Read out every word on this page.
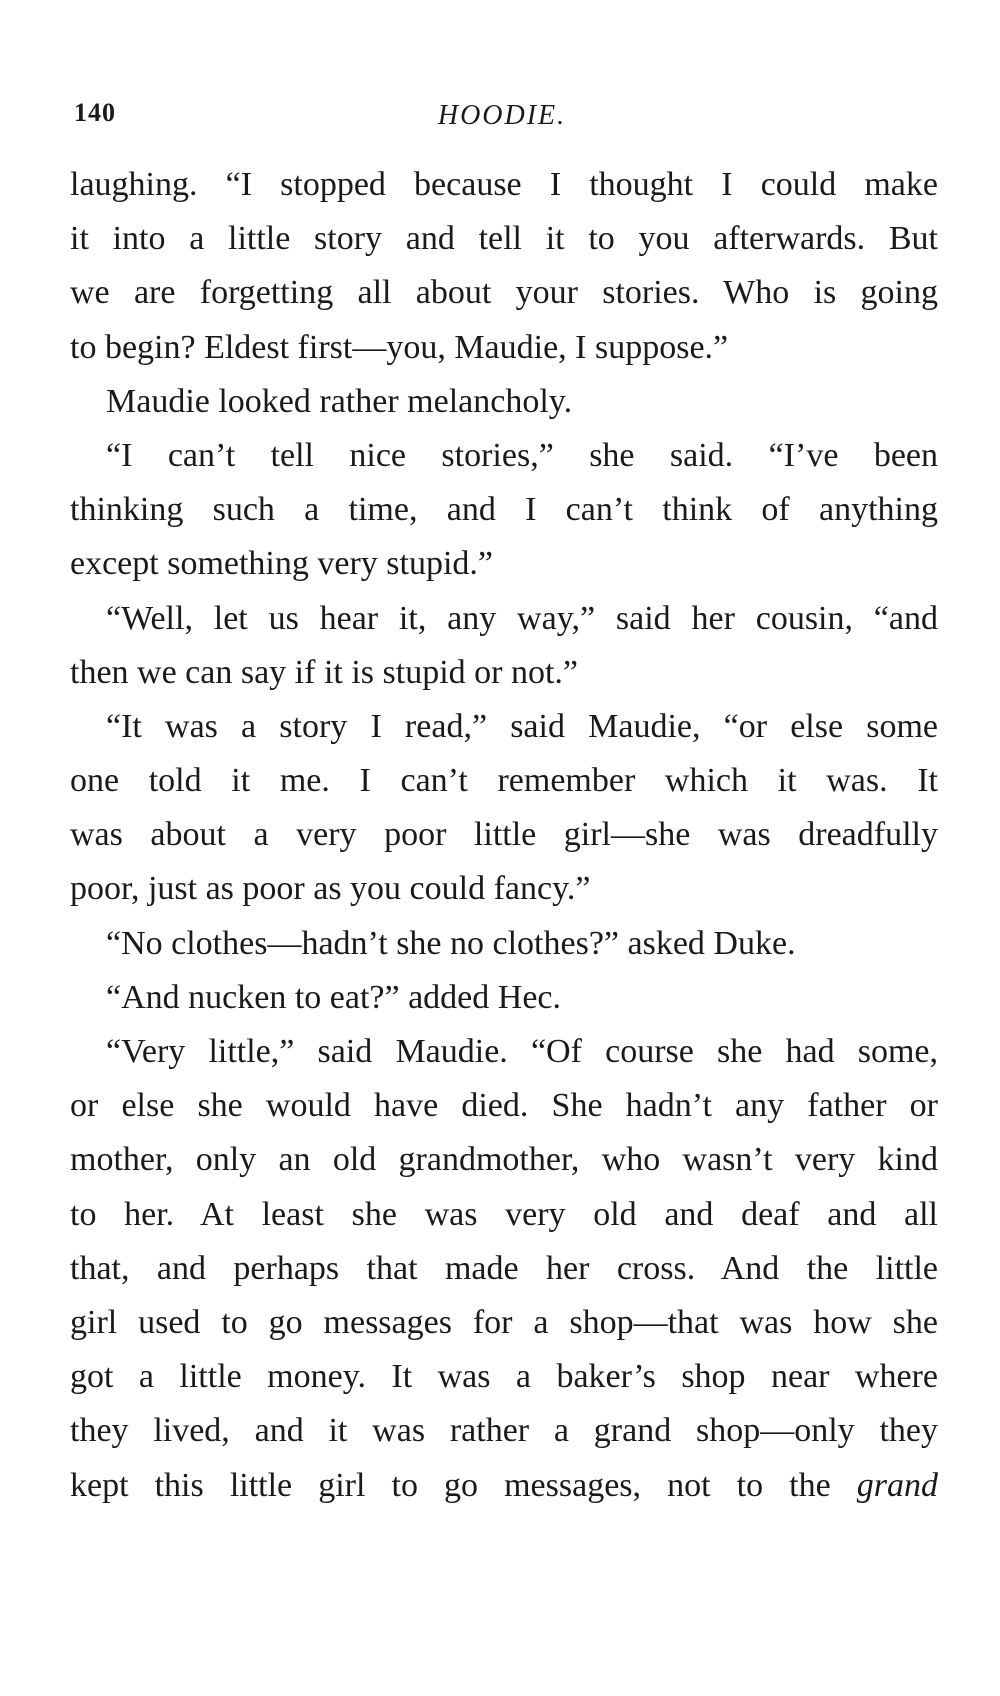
140	HOODIE.
laughing. “I stopped because I thought I could make
it into a little story and tell it to you afterwards. But
we are forgetting all about your stories. Who is going
to begin? Eldest first—you, Maudie, I suppose.”
Maudie looked rather melancholy.
“I can’t tell nice stories,” she said. “I’ve been
thinking such a time, and I can’t think of anything
except something very stupid.”
“Well, let us hear it, any way,” said her cousin, “and
then we can say if it is stupid or not.”
“It was a story I read,” said Maudie, “or else some
one told it me. I can’t remember which it was. It
was about a very poor little girl—she was dreadfully
poor, just as poor as you could fancy.”
“No clothes—hadn’t she no clothes?” asked Duke.
“And nucken to eat?” added Hec.
“Very little,” said Maudie. “Of course she had some,
or else she would have died. She hadn’t any father or
mother, only an old grandmother, who wasn’t very kind
to her. At least she was very old and deaf and all
that, and perhaps that made her cross. And the little
girl used to go messages for a shop—that was how she
got a little money. It was a baker’s shop near where
they lived, and it was rather a grand shop—only they
kept this little girl to go messages, not to the grand
